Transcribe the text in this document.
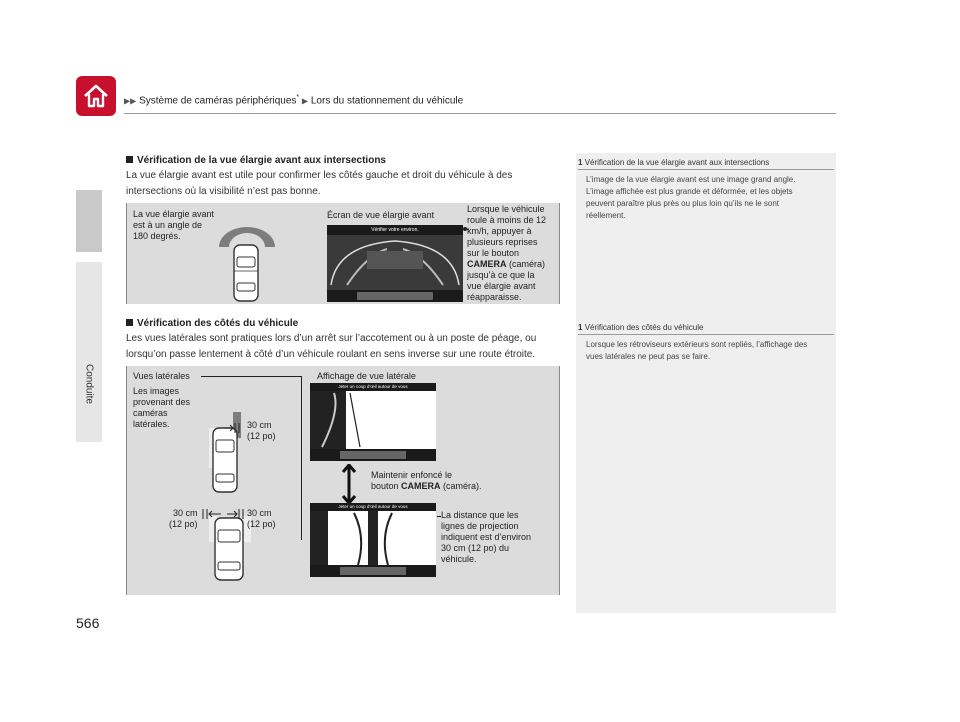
▶▶ Système de caméras périphériques* ▶ Lors du stationnement du véhicule
Conduite
566
Vérification de la vue élargie avant aux intersections
La vue élargie avant est utile pour confirmer les côtés gauche et droit du véhicule à des
intersections où la visibilité n’est pas bonne.
La vue élargie avant
est à un angle de
180 degrés.
Écran de vue élargie avant
Vérifier votre environ.
Lorsque le véhicule
roule à moins de 12
km/h, appuyer à
plusieurs reprises
sur le bouton
CAMERA (caméra)
jusqu’à ce que la
vue élargie avant
réapparaisse.
Vérification des côtés du véhicule
Les vues latérales sont pratiques lors d’un arrêt sur l’accotement ou à un poste de péage, ou
lorsqu’on passe lentement à côté d’un véhicule roulant en sens inverse sur une route étroite.
Vues latérales
Les images
provenant des
caméras
latérales.
Affichage de vue latérale
30 cm
(12 po)
30 cm
(12 po)
30 cm
(12 po)
Jeter un coup d’œil autour de vous
Maintenir enfoncé le
bouton CAMERA (caméra).
Jeter un coup d’œil autour de vous
La distance que les
lignes de projection
indiquent est d’environ
30 cm (12 po) du
véhicule.
1 Vérification de la vue élargie avant aux intersections
L’image de la vue élargie avant est une image grand angle.
L’image affichée est plus grande et déformée, et les objets
peuvent paraître plus près ou plus loin qu’ils ne le sont
réellement.
1 Vérification des côtés du véhicule
Lorsque les rétroviseurs extérieurs sont repliés, l’affichage des
vues latérales ne peut pas se faire.
